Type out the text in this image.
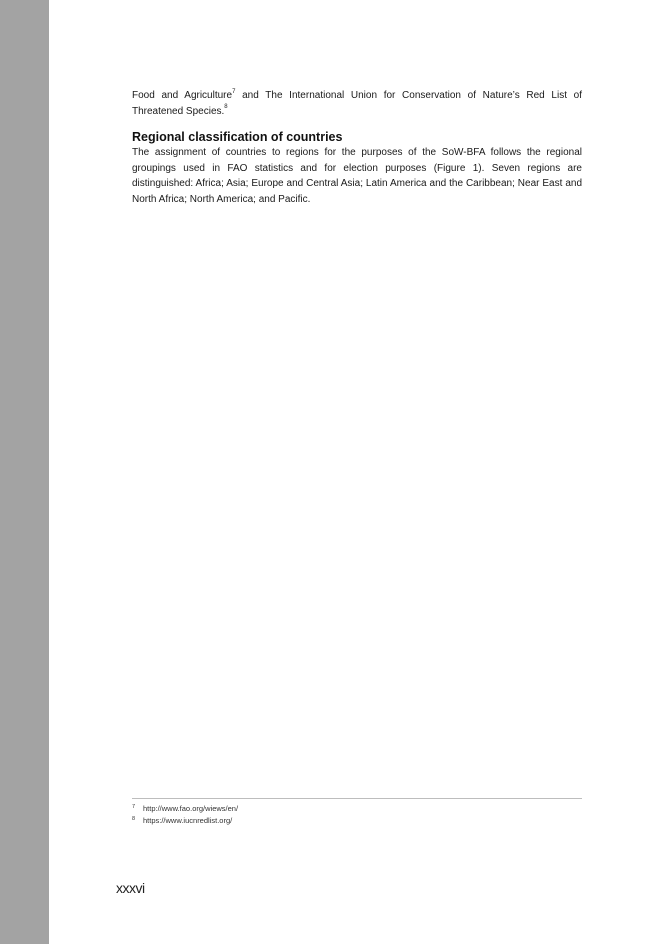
Food and Agriculture$^7$ and The International Union for Conservation of Nature’s Red List of Threatened Species.$^8$

Regional classification of countries

The assignment of countries to regions for the purposes of the SoW-BFA follows the regional groupings used in FAO statistics and for election purposes (Figure 1). Seven regions are distinguished: Africa; Asia; Europe and Central Asia; Latin America and the Caribbean; Near East and North Africa; North America; and Pacific.

7 http://www.fao.org/wiews/en/
8 https://www.iucnredlist.org/
xxxvi
